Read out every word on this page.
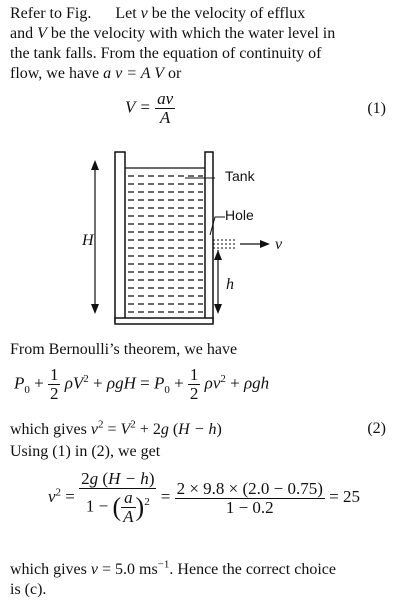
Refer to Fig. Let v be the velocity of efflux
and V be the velocity with which the water level in
the tank falls. From the equation of continuity of
flow, we have a v = A V or
$V = \frac{av}{A}$	(1)
Tank
Hole
H
h
v
From Bernoulli’s theorem, we have
$P_0 + \frac{1}{2} \rho V^2 + \rho gH = P_0 + \frac{1}{2} \rho v^2 + \rho gh$
which gives $v^2 = V^2 + 2g$ (H − h)	(2)
Using (1) in (2), we get
$v^2 = \frac{2g (H - h)}{1 - ( \frac{a}{A} )^2} = \frac{2 \times 9.8 \times (2.0 - 0.75)}{1 - 0.2} = 25$
which gives v = 5.0 $ms^{-1}$. Hence the correct choice
is (c).
